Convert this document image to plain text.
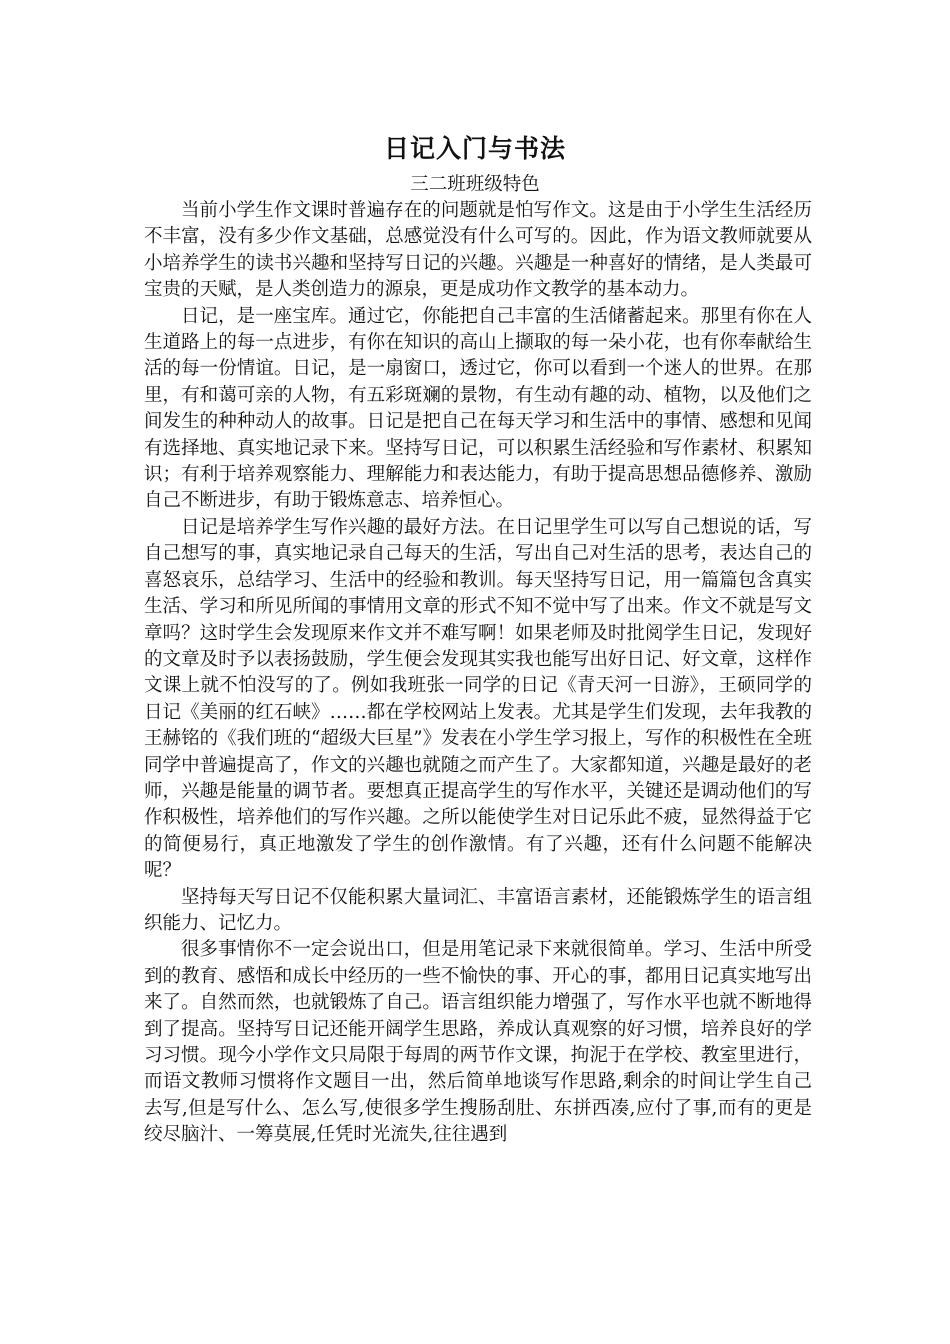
日记入门与书法
三二班班级特色

当前小学生作文课时普遍存在的问题就是怕写作文。这是由于小学生生活经历不丰富，没有多少作文基础，总感觉没有什么可写的。因此，作为语文教师就要从小培养学生的读书兴趣和坚持写日记的兴趣。兴趣是一种喜好的情绪，是人类最可宝贵的天赋，是人类创造力的源泉，更是成功作文教学的基本动力。

日记，是一座宝库。通过它，你能把自己丰富的生活储蓄起来。那里有你在人生道路上的每一点进步，有你在知识的高山上撷取的每一朵小花，也有你奉献给生活的每一份情谊。日记，是一扇窗口，透过它，你可以看到一个迷人的世界。在那里，有和蔼可亲的人物，有五彩斑斓的景物，有生动有趣的动、植物，以及他们之间发生的种种动人的故事。日记是把自己在每天学习和生活中的事情、感想和见闻有选择地、真实地记录下来。坚持写日记，可以积累生活经验和写作素材、积累知识；有利于培养观察能力、理解能力和表达能力，有助于提高思想品德修养、激励自己不断进步，有助于锻炼意志、培养恒心。

日记是培养学生写作兴趣的最好方法。在日记里学生可以写自己想说的话，写自己想写的事，真实地记录自己每天的生活，写出自己对生活的思考，表达自己的喜怒哀乐，总结学习、生活中的经验和教训。每天坚持写日记，用一篇篇包含真实生活、学习和所见所闻的事情用文章的形式不知不觉中写了出来。作文不就是写文章吗？这时学生会发现原来作文并不难写啊！如果老师及时批阅学生日记，发现好的文章及时予以表扬鼓励，学生便会发现其实我也能写出好日记、好文章，这样作文课上就不怕没写的了。例如我班张一同学的日记《青天河一日游》，王硕同学的日记《美丽的红石峡》……都在学校网站上发表。尤其是学生们发现，去年我教的王赫铭的《我们班的“超级大巨星”》发表在小学生学习报上，写作的积极性在全班同学中普遍提高了，作文的兴趣也就随之而产生了。大家都知道，兴趣是最好的老师，兴趣是能量的调节者。要想真正提高学生的写作水平，关键还是调动他们的写作积极性，培养他们的写作兴趣。之所以能使学生对日记乐此不疲，显然得益于它的简便易行，真正地激发了学生的创作激情。有了兴趣，还有什么问题不能解决呢？

坚持每天写日记不仅能积累大量词汇、丰富语言素材，还能锻炼学生的语言组织能力、记忆力。

很多事情你不一定会说出口，但是用笔记录下来就很简单。学习、生活中所受到的教育、感悟和成长中经历的一些不愉快的事、开心的事，都用日记真实地写出来了。自然而然，也就锻炼了自己。语言组织能力增强了，写作水平也就不断地得到了提高。坚持写日记还能开阔学生思路，养成认真观察的好习惯，培养良好的学习习惯。现今小学作文只局限于每周的两节作文课，拘泥于在学校、教室里进行，而语文教师习惯将作文题目一出，然后简单地谈写作思路,剩余的时间让学生自己去写,但是写什么、怎么写,使很多学生搜肠刮肚、东拼西凑,应付了事,而有的更是绞尽脑汁、一筹莫展,任凭时光流失,往往遇到
